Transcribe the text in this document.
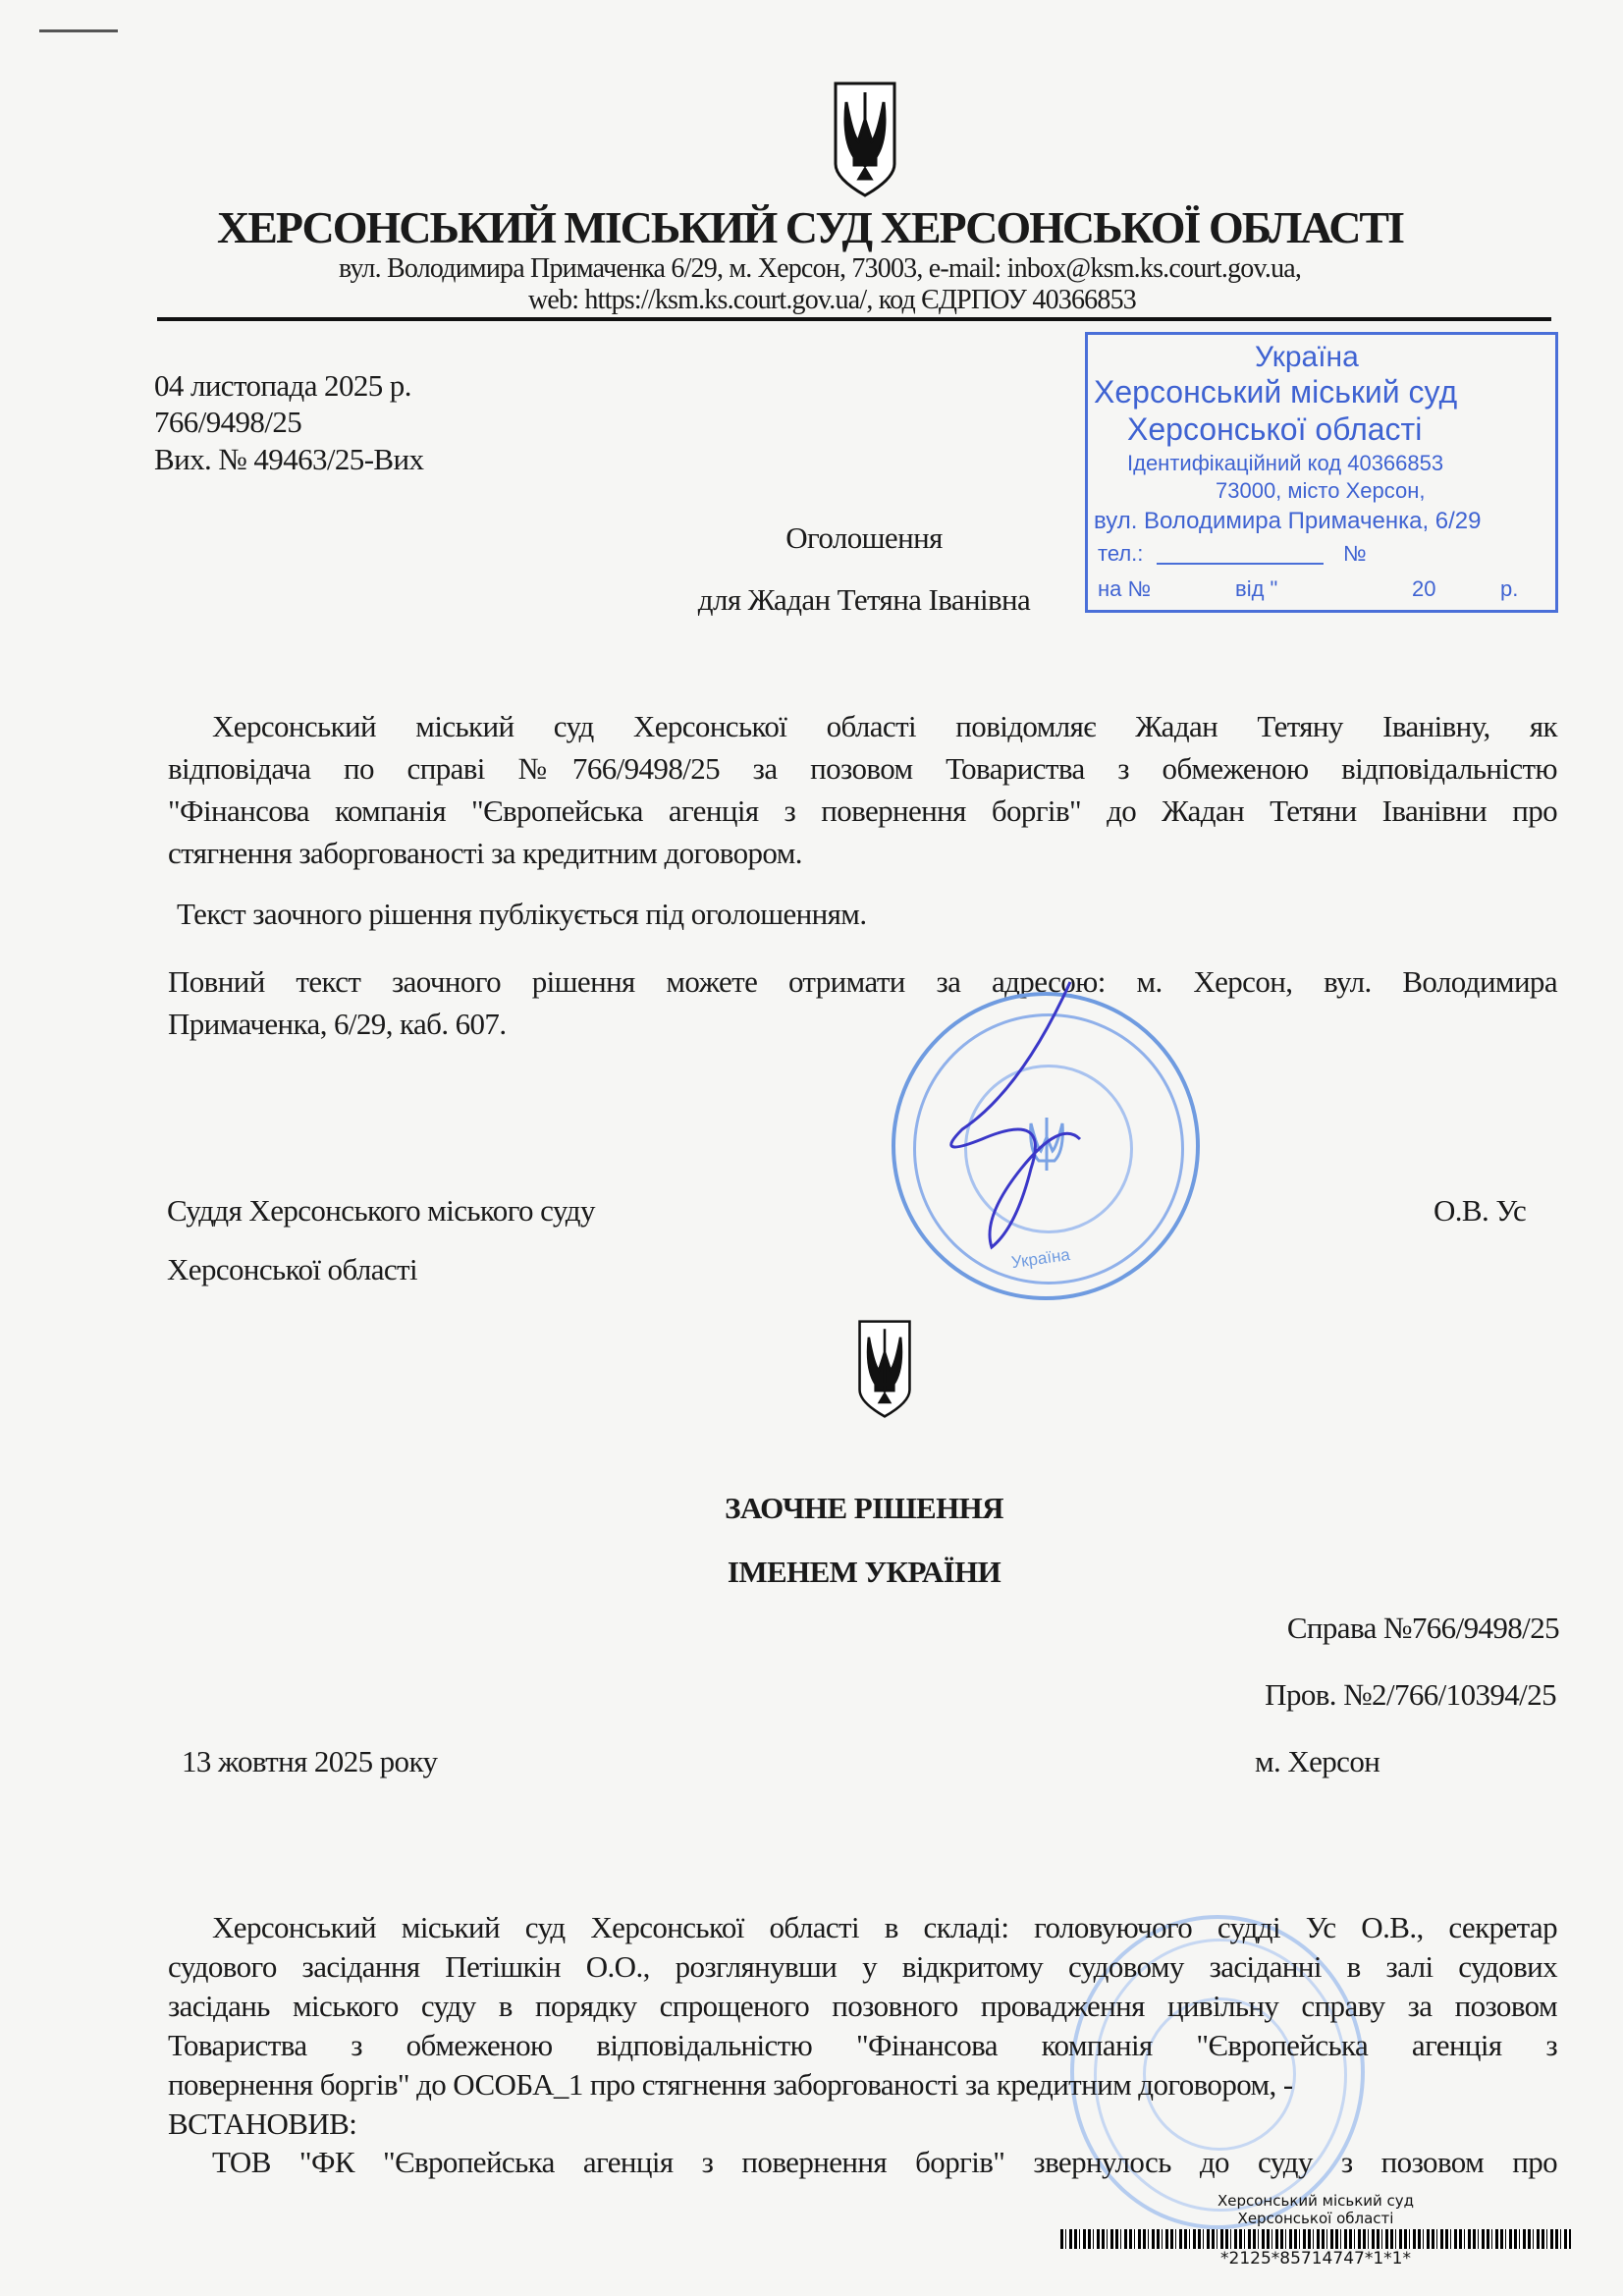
Україна
Херсонський міський суд
Херсонської області
Ідентифікаційний код 40366853
73000, місто Херсон,
вул. Володимира Примаченка, 6/29
тел.:	№
на №	від "	20	р.
ХЕРСОНСЬКИЙ МІСЬКИЙ СУД ХЕРСОНСЬКОЇ ОБЛАСТІ
вул. Володимира Примаченка 6/29, м. Херсон, 73003, e-mail: inbox@ksm.ks.court.gov.ua,
web: https://ksm.ks.court.gov.ua/, код ЄДРПОУ 40366853
04 листопада 2025 р.
766/9498/25
Вих. № 49463/25-Вих
Оголошення
для Жадан Тетяна Іванівна
Херсонський міський суд Херсонської області повідомляє Жадан Тетяну Іванівну, як
відповідача по справі №766/9498/25 за позовом Товариства з обмеженою відповідальністю
"Фінансова компанія "Європейська агенція з повернення боргів" до Жадан Тетяни Іванівни про
стягнення заборгованості за кредитним договором.
Текст заочного рішення публікується під оголошенням.
Повний текст заочного рішення можете отримати за адресою: м. Херсон, вул. Володимира
Примаченка, 6/29, каб. 607.
Україна
Суддя Херсонського міського суду
Херсонської області
О.В. Ус
ЗАОЧНЕ РІШЕННЯ
ІМЕНЕМ УКРАЇНИ
Справа №766/9498/25
Пров. №2/766/10394/25
13 жовтня 2025 року	м. Херсон
Херсонський міський суд Херсонської області в складі: головуючого судді Ус О.В., секретар
судового засідання Петішкін О.О., розглянувши у відкритому судовому засіданні в залі судових
засідань міського суду в порядку спрощеного позовного провадження цивільну справу за позовом
Товариства з обмеженою відповідальністю "Фінансова компанія "Європейська агенція з
повернення боргів" до ОСОБА_1 про стягнення заборгованості за кредитним договором, -
ВСТАНОВИВ:
ТОВ "ФК "Європейська агенція з повернення боргів" звернулось до суду з позовом про
Херсонський міський суд
Херсонської області
*2125*85714747*1*1*
